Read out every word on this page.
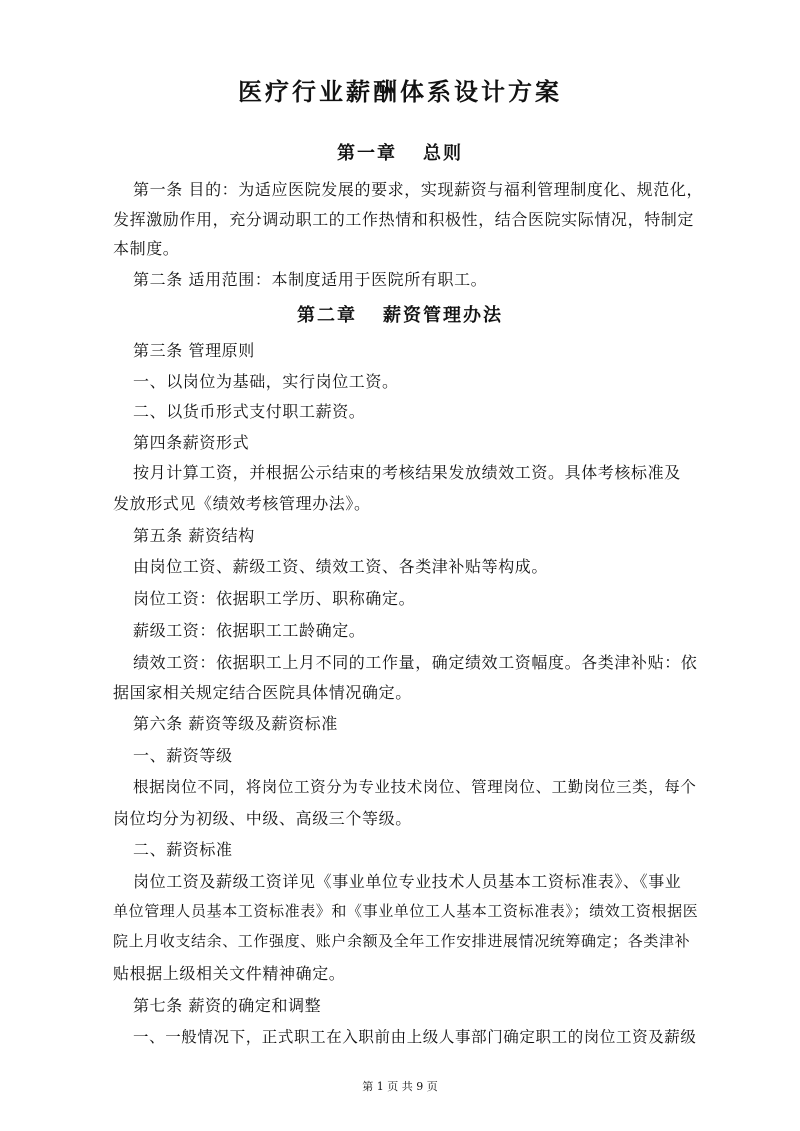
医疗行业薪酬体系设计方案
第一章 总则
第一条 目的：为适应医院发展的要求，实现薪资与福利管理制度化、规范化，
发挥激励作用，充分调动职工的工作热情和积极性，结合医院实际情况，特制定
本制度。
第二条 适用范围：本制度适用于医院所有职工。
第二章 薪资管理办法
第三条 管理原则
一、以岗位为基础，实行岗位工资。
二、以货币形式支付职工薪资。
第四条薪资形式
按月计算工资，并根据公示结束的考核结果发放绩效工资。具体考核标准及
发放形式见《绩效考核管理办法》。
第五条 薪资结构
由岗位工资、薪级工资、绩效工资、各类津补贴等构成。
岗位工资：依据职工学历、职称确定。
薪级工资：依据职工工龄确定。
绩效工资：依据职工上月不同的工作量，确定绩效工资幅度。各类津补贴：依
据国家相关规定结合医院具体情况确定。
第六条 薪资等级及薪资标准
一、薪资等级
根据岗位不同，将岗位工资分为专业技术岗位、管理岗位、工勤岗位三类，每个
岗位均分为初级、中级、高级三个等级。
二、薪资标准
岗位工资及薪级工资详见《事业单位专业技术人员基本工资标准表》、《事业
单位管理人员基本工资标准表》和《事业单位工人基本工资标准表》；绩效工资根据医
院上月收支结余、工作强度、账户余额及全年工作安排进展情况统筹确定；各类津补
贴根据上级相关文件精神确定。
第七条 薪资的确定和调整
一、一般情况下，正式职工在入职前由上级人事部门确定职工的岗位工资及薪级
第 1 页 共 9 页
